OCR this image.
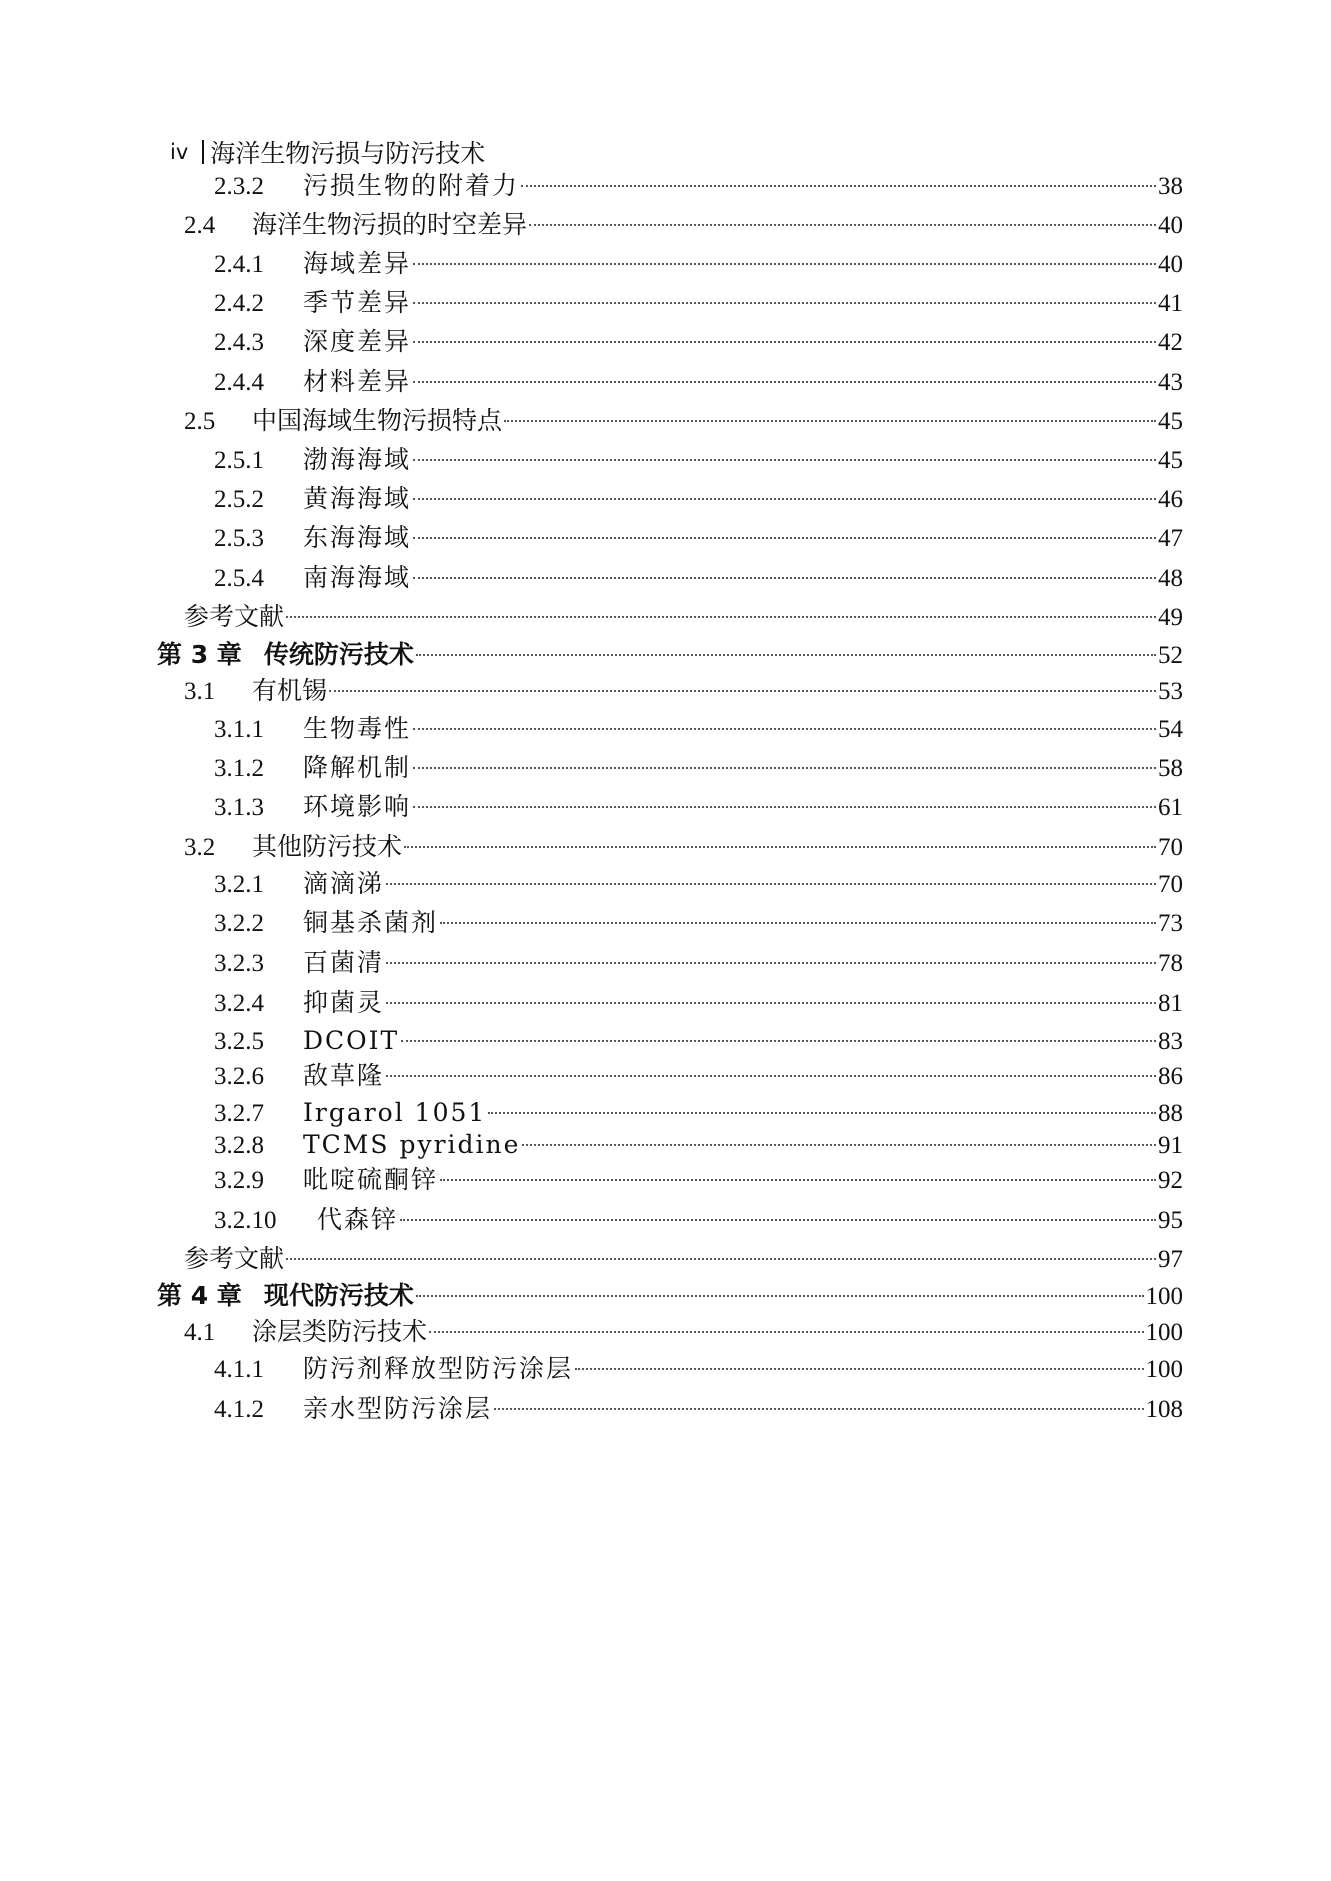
iv 海洋生物污损与防污技术
2.3.2	污损生物的附着力	38
2.4	海洋生物污损的时空差异	40
2.4.1	海域差异	40
2.4.2	季节差异	41
2.4.3	深度差异	42
2.4.4	材料差异	43
2.5	中国海域生物污损特点	45
2.5.1	渤海海域	45
2.5.2	黄海海域	46
2.5.3	东海海域	47
2.5.4	南海海域	48
参考文献	49
第 3 章 传统防污技术	52
3.1	有机锡	53
3.1.1	生物毒性	54
3.1.2	降解机制	58
3.1.3	环境影响	61
3.2	其他防污技术	70
3.2.1	滴滴涕	70
3.2.2	铜基杀菌剂	73
3.2.3	百菌清	78
3.2.4	抑菌灵	81
3.2.5	DCOIT	83
3.2.6	敌草隆	86
3.2.7	Irgarol 1051	88
3.2.8	TCMS pyridine	91
3.2.9	吡啶硫酮锌	92
3.2.10	代森锌	95
参考文献	97
第 4 章 现代防污技术	100
4.1	涂层类防污技术	100
4.1.1	防污剂释放型防污涂层	100
4.1.2	亲水型防污涂层	108
